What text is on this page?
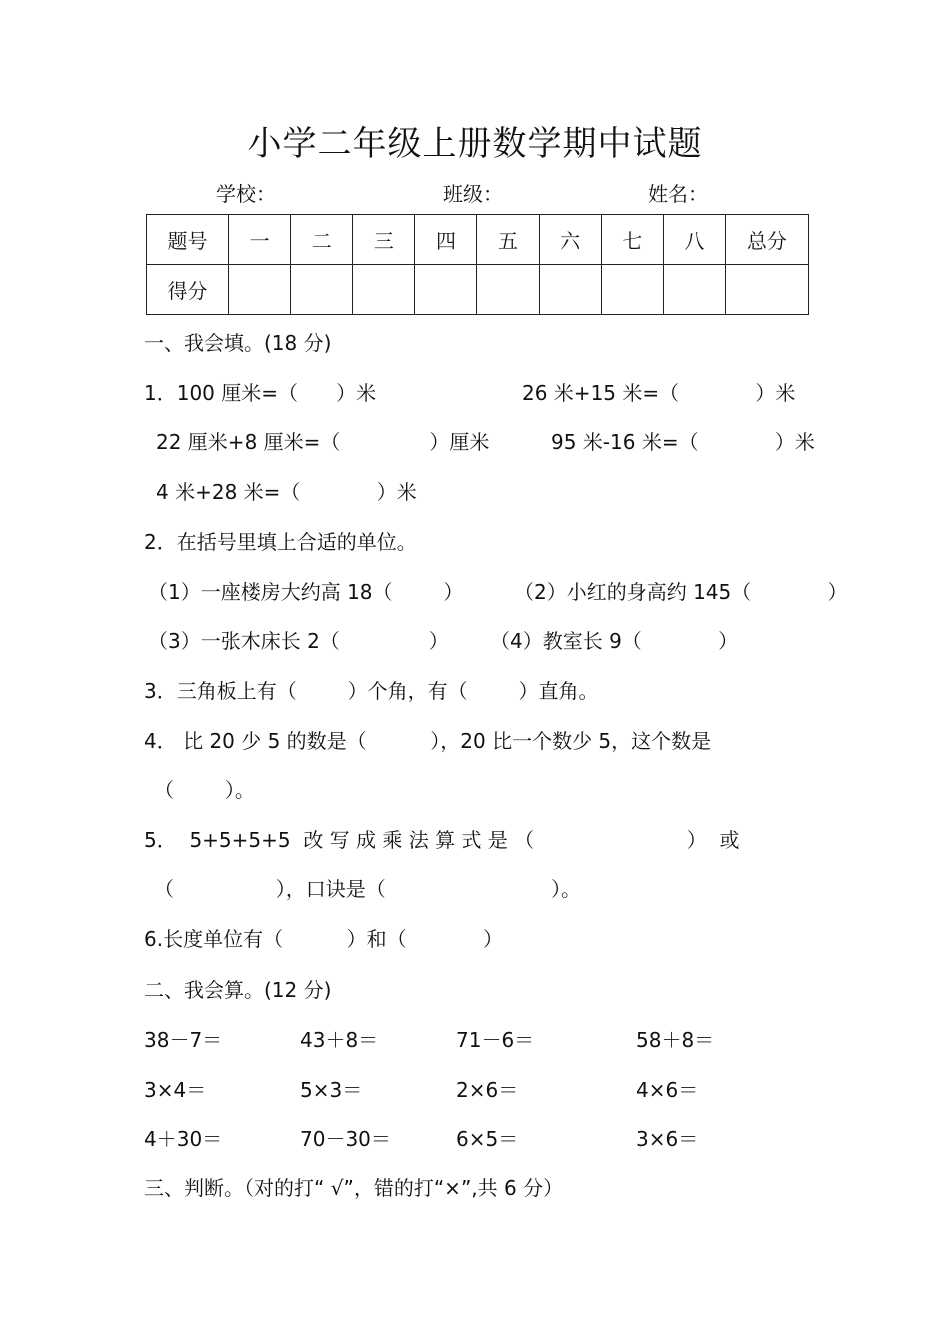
小学二年级上册数学期中试题
学校：	班级：	姓名：
题号	一	二	三	四	五	六	七	八	总分
得分									
一、我会填。(18 分)
1．100 厘米=（      ）米	26 米+15 米=（            ）米
22 厘米+8 厘米=（              ）厘米	95 米-16 米=（            ）米
4 米+28 米=（            ）米
2．在括号里填上合适的单位。
（1）一座楼房大约高 18（        ）	（2）小红的身高约 145（            ）
（3）一张木床长 2（              ） （4）教室长 9（            ）
3．三角板上有（        ）个角，有（        ）直角。
4． 比 20 少 5 的数是（          ），20 比一个数少 5，这个数是
（        ）。
5．  5+5+5+5  改 写 成 乘 法 算 式 是 （                        ）  或
（                ），口诀是（                          ）。
6.长度单位有（          ）和（            ）
二、我会算。(12 分)
38－7＝	43＋8＝	71－6＝	58＋8＝
3×4＝	5×3＝	2×6＝	4×6＝
4＋30＝	70－30＝	6×5＝	3×6＝
三、判断。（对的打“ √”，错的打“×”,共 6 分）
